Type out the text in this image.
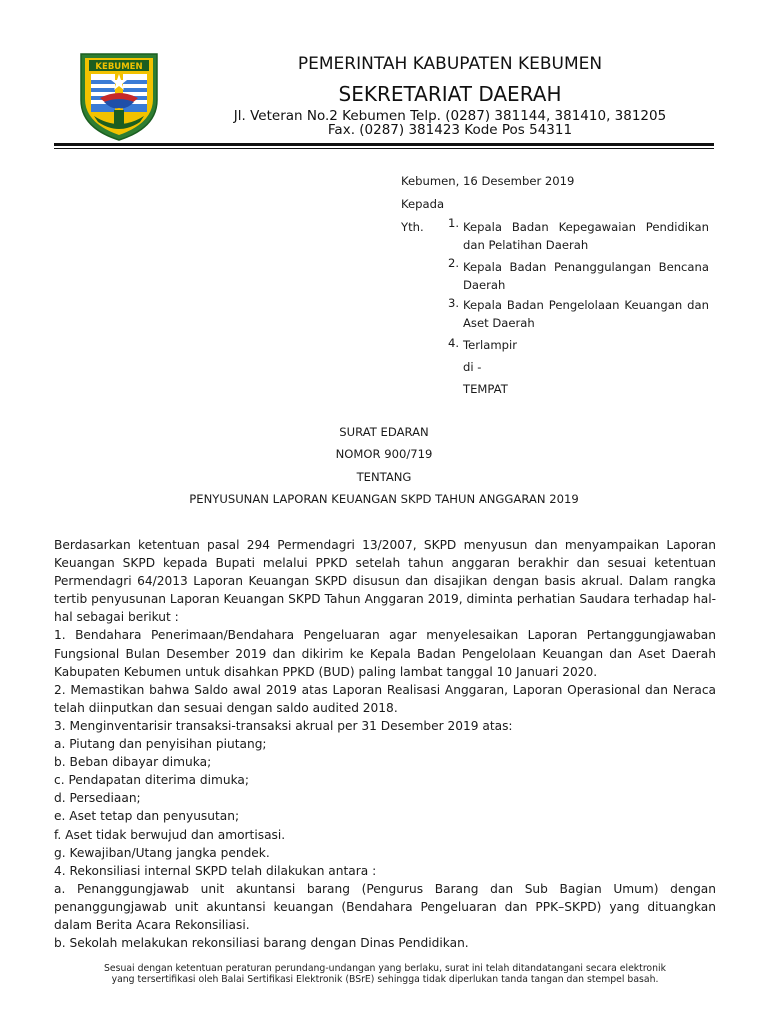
KEBUMEN	PEMERINTAH KABUPATEN KEBUMEN
SEKRETARIAT DAERAH
Jl. Veteran No.2 Kebumen Telp. (0287) 381144, 381410, 381205
Fax. (0287) 381423 Kode Pos 54311
Kebumen, 16 Desember 2019
Kepada
Yth. 1. Kepala Badan Kepegawaian Pendidikan dan Pelatihan Daerah
2. Kepala Badan Penanggulangan Bencana Daerah
3. Kepala Badan Pengelolaan Keuangan dan Aset Daerah
4. Terlampir
di -
TEMPAT
SURAT EDARAN
NOMOR 900/719
TENTANG
PENYUSUNAN LAPORAN KEUANGAN SKPD TAHUN ANGGARAN 2019

Berdasarkan ketentuan pasal 294 Permendagri 13/2007, SKPD menyusun dan menyampaikan Laporan Keuangan SKPD kepada Bupati melalui PPKD setelah tahun anggaran berakhir dan sesuai ketentuan Permendagri 64/2013 Laporan Keuangan SKPD disusun dan disajikan dengan basis akrual. Dalam rangka tertib penyusunan Laporan Keuangan SKPD Tahun Anggaran 2019, diminta perhatian Saudara terhadap hal-hal sebagai berikut :

1. Bendahara Penerimaan/Bendahara Pengeluaran agar menyelesaikan Laporan Pertanggungjawaban Fungsional Bulan Desember 2019 dan dikirim ke Kepala Badan Pengelolaan Keuangan dan Aset Daerah Kabupaten Kebumen untuk disahkan PPKD (BUD) paling lambat tanggal 10 Januari 2020.

2. Memastikan bahwa Saldo awal 2019 atas Laporan Realisasi Anggaran, Laporan Operasional dan Neraca telah diinputkan dan sesuai dengan saldo audited 2018.

3. Menginventarisir transaksi-transaksi akrual per 31 Desember 2019 atas:

a. Piutang dan penyisihan piutang;

b. Beban dibayar dimuka;

c. Pendapatan diterima dimuka;

d. Persediaan;

e. Aset tetap dan penyusutan;

f. Aset tidak berwujud dan amortisasi.

g. Kewajiban/Utang jangka pendek.

4. Rekonsiliasi internal SKPD telah dilakukan antara :

a. Penanggungjawab unit akuntansi barang (Pengurus Barang dan Sub Bagian Umum) dengan penanggungjawab unit akuntansi keuangan (Bendahara Pengeluaran dan PPK–SKPD) yang dituangkan dalam Berita Acara Rekonsiliasi.

b. Sekolah melakukan rekonsiliasi barang dengan Dinas Pendidikan.

Sesuai dengan ketentuan peraturan perundang-undangan yang berlaku, surat ini telah ditandatangani secara elektronik
yang tersertifikasi oleh Balai Sertifikasi Elektronik (BSrE) sehingga tidak diperlukan tanda tangan dan stempel basah.
